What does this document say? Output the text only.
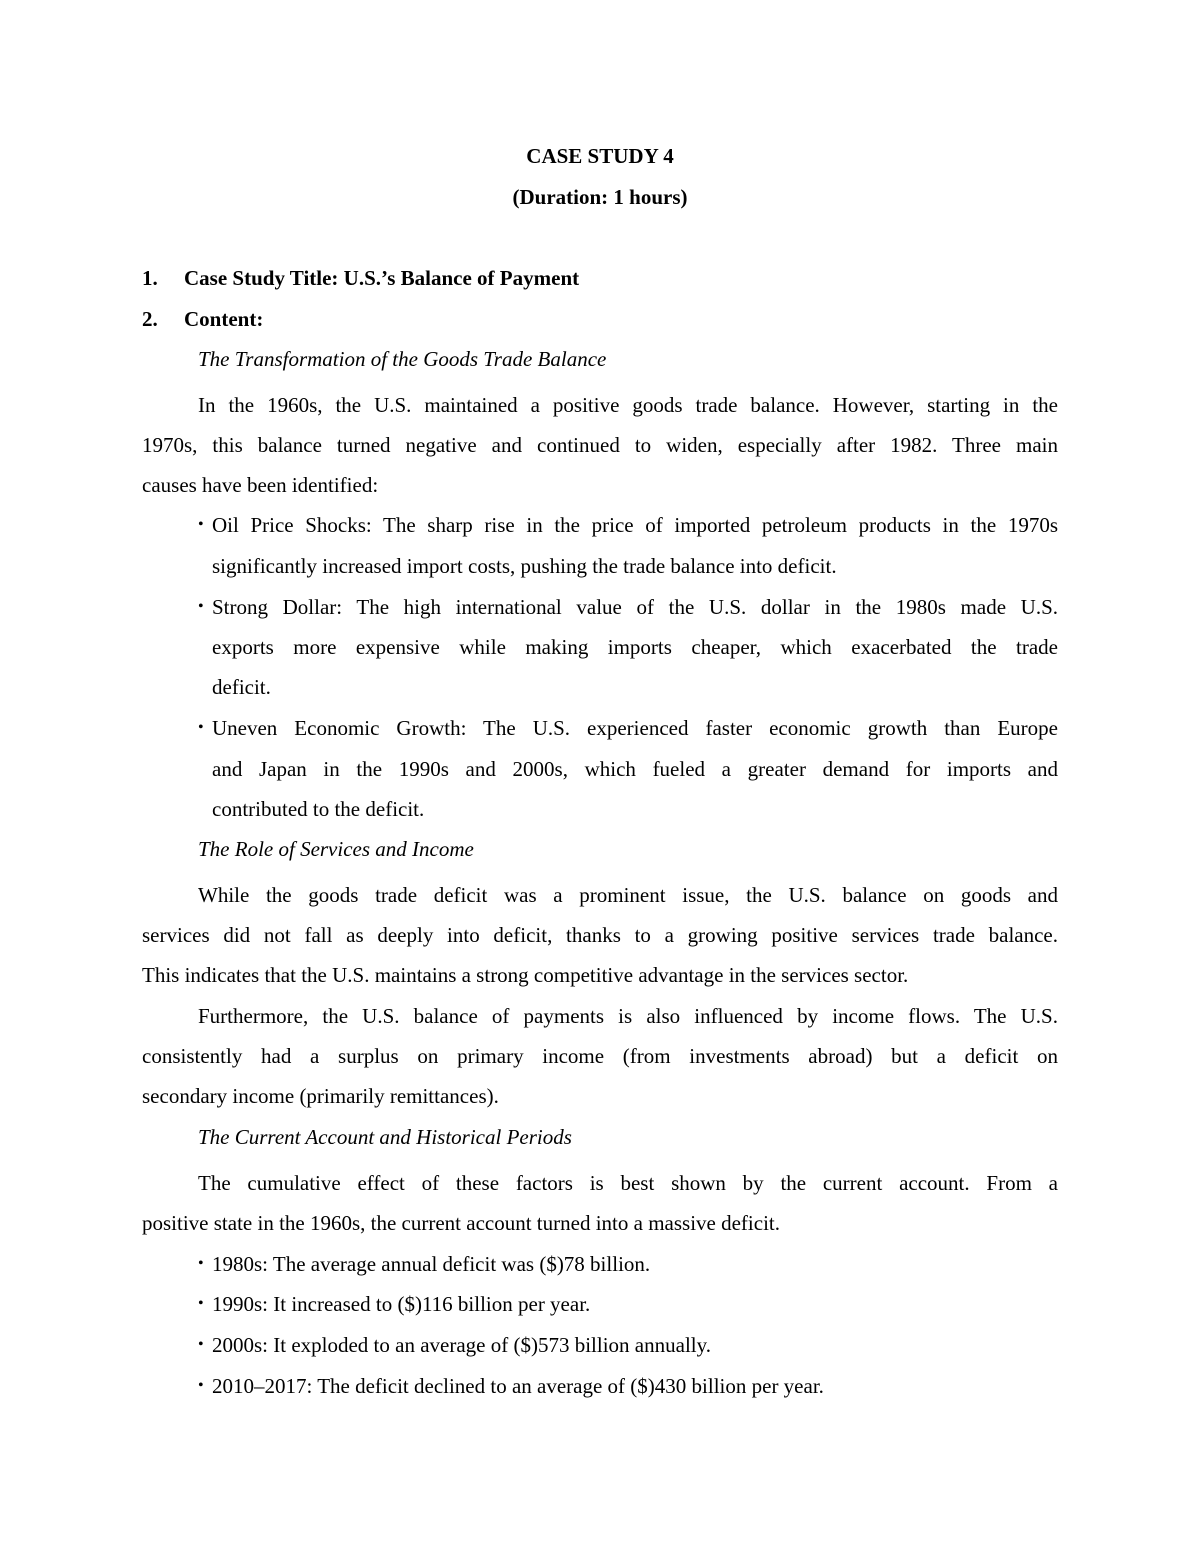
CASE STUDY 4
(Duration: 1 hours)
1. Case Study Title: U.S.’s Balance of Payment
2. Content:
The Transformation of the Goods Trade Balance
In the 1960s, the U.S. maintained a positive goods trade balance. However, starting in the
1970s, this balance turned negative and continued to widen, especially after 1982. Three main
causes have been identified:
• Oil Price Shocks: The sharp rise in the price of imported petroleum products in the 1970s
significantly increased import costs, pushing the trade balance into deficit.
• Strong Dollar: The high international value of the U.S. dollar in the 1980s made U.S.
exports more expensive while making imports cheaper, which exacerbated the trade
deficit.
• Uneven Economic Growth: The U.S. experienced faster economic growth than Europe
and Japan in the 1990s and 2000s, which fueled a greater demand for imports and
contributed to the deficit.
The Role of Services and Income
While the goods trade deficit was a prominent issue, the U.S. balance on goods and
services did not fall as deeply into deficit, thanks to a growing positive services trade balance.
This indicates that the U.S. maintains a strong competitive advantage in the services sector.
Furthermore, the U.S. balance of payments is also influenced by income flows. The U.S.
consistently had a surplus on primary income (from investments abroad) but a deficit on
secondary income (primarily remittances).
The Current Account and Historical Periods
The cumulative effect of these factors is best shown by the current account. From a
positive state in the 1960s, the current account turned into a massive deficit.
• 1980s: The average annual deficit was ($)78 billion.
• 1990s: It increased to ($)116 billion per year.
• 2000s: It exploded to an average of ($)573 billion annually.
• 2010–2017: The deficit declined to an average of ($)430 billion per year.
